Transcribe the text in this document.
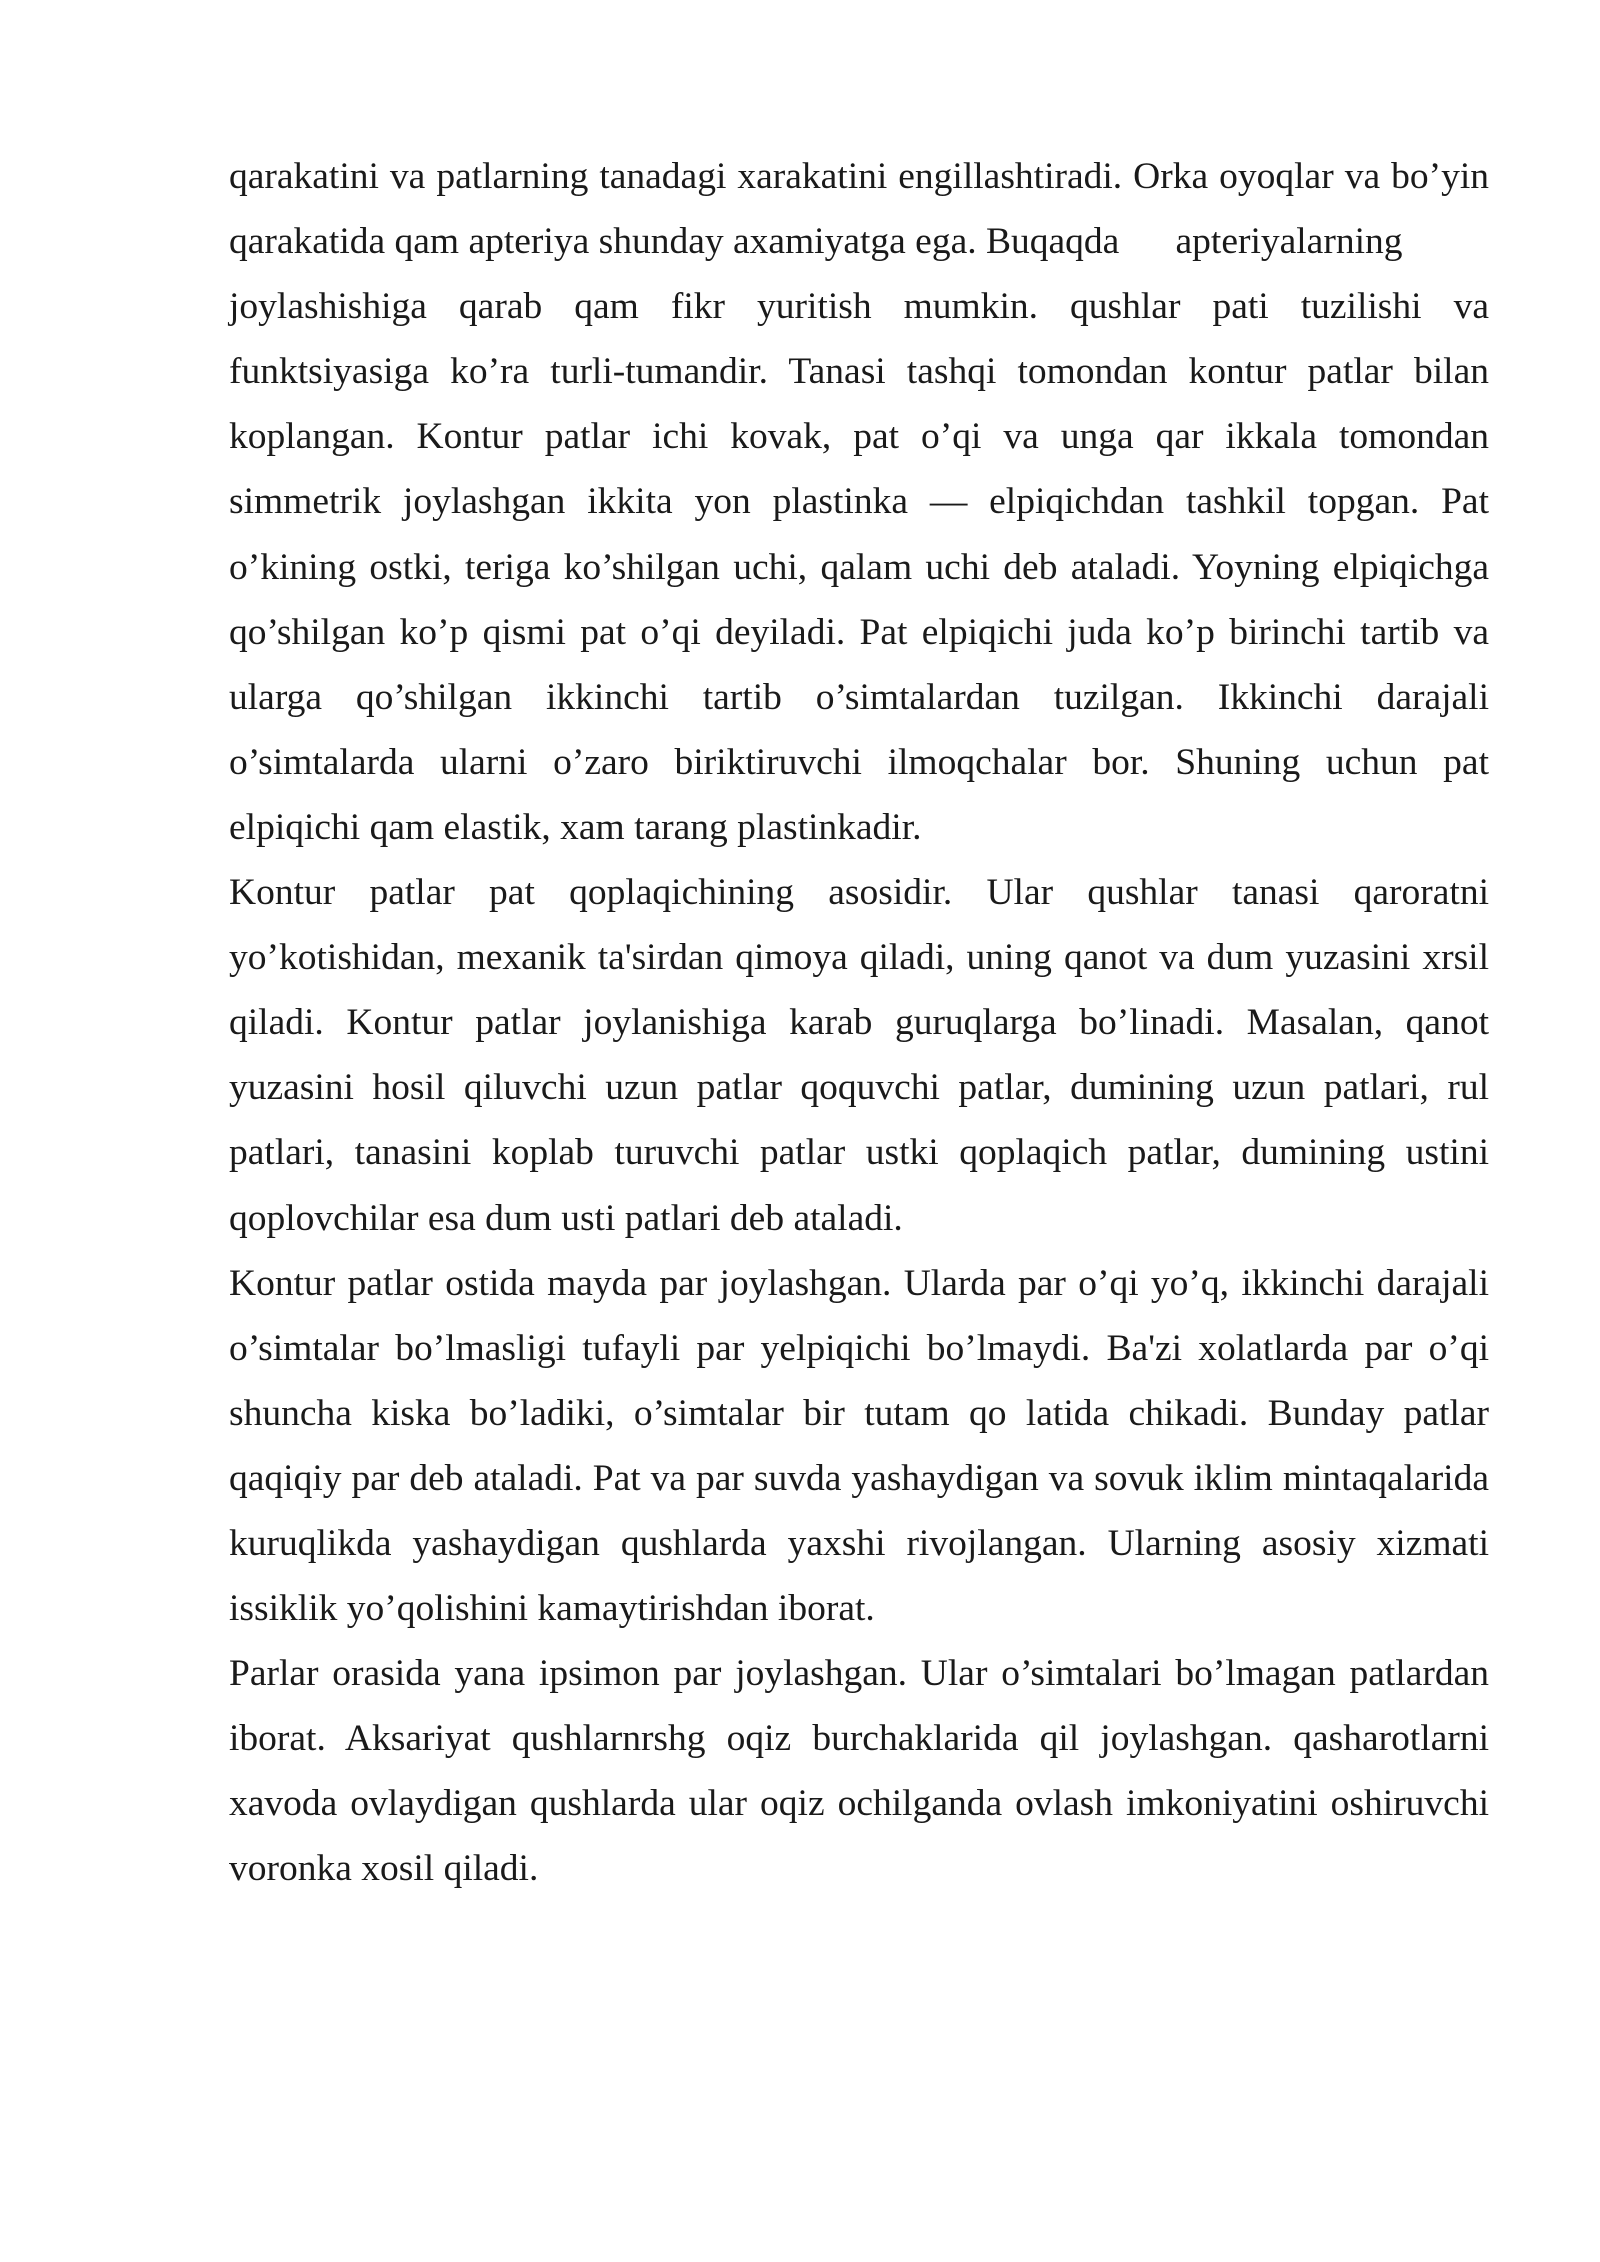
qarakatini va patlarning tanadagi xarakatini engillashtiradi. Orka oyoqlar va bo’yin
qarakatida qam apteriya shunday axamiyatga ega. Buqaqda      apteriyalarning
joylashishiga qarab qam fikr yuritish mumkin. qushlar pati tuzilishi va
funktsiyasiga ko’ra turli-tumandir. Tanasi tashqi tomondan kontur patlar bilan
koplangan. Kontur patlar ichi kovak, pat o’qi va unga qar ikkala tomondan
simmetrik joylashgan ikkita yon plastinka — elpiqichdan tashkil topgan. Pat
o’kining ostki, teriga ko’shilgan uchi, qalam uchi deb ataladi. Yoyning elpiqichga
qo’shilgan ko’p qismi pat o’qi deyiladi. Pat elpiqichi juda ko’p birinchi tartib va
ularga qo’shilgan ikkinchi tartib o’simtalardan tuzilgan. Ikkinchi darajali
o’simtalarda ularni o’zaro biriktiruvchi ilmoqchalar bor. Shuning uchun pat
elpiqichi qam elastik, xam tarang plastinkadir.
Kontur patlar pat qoplaqichining asosidir. Ular qushlar tanasi qaroratni
yo’kotishidan, mexanik ta'sirdan qimoya qiladi, uning qanot va dum yuzasini xrsil
qiladi. Kontur patlar joylanishiga karab guruqlarga bo’linadi. Masalan, qanot
yuzasini hosil qiluvchi uzun patlar qoquvchi patlar, dumining uzun patlari, rul
patlari, tanasini koplab turuvchi patlar ustki qoplaqich patlar, dumining ustini
qoplovchilar esa dum usti patlari deb ataladi.
Kontur patlar ostida mayda par joylashgan. Ularda par o’qi yo’q, ikkinchi darajali
o’simtalar bo’lmasligi tufayli par yelpiqichi bo’lmaydi. Ba'zi xolatlarda par o’qi
shuncha kiska bo’ladiki, o’simtalar bir tutam qo latida chikadi. Bunday patlar
qaqiqiy par deb ataladi. Pat va par suvda yashaydigan va sovuk iklim mintaqalarida
kuruqlikda yashaydigan qushlarda yaxshi rivojlangan. Ularning asosiy xizmati
issiklik yo’qolishini kamaytirishdan iborat.
Parlar orasida yana ipsimon par joylashgan. Ular o’simtalari bo’lmagan patlardan
iborat. Aksariyat qushlarnrshg oqiz burchaklarida qil joylashgan. qasharotlarni
xavoda ovlaydigan qushlarda ular oqiz ochilganda ovlash imkoniyatini oshiruvchi
voronka xosil qiladi.
